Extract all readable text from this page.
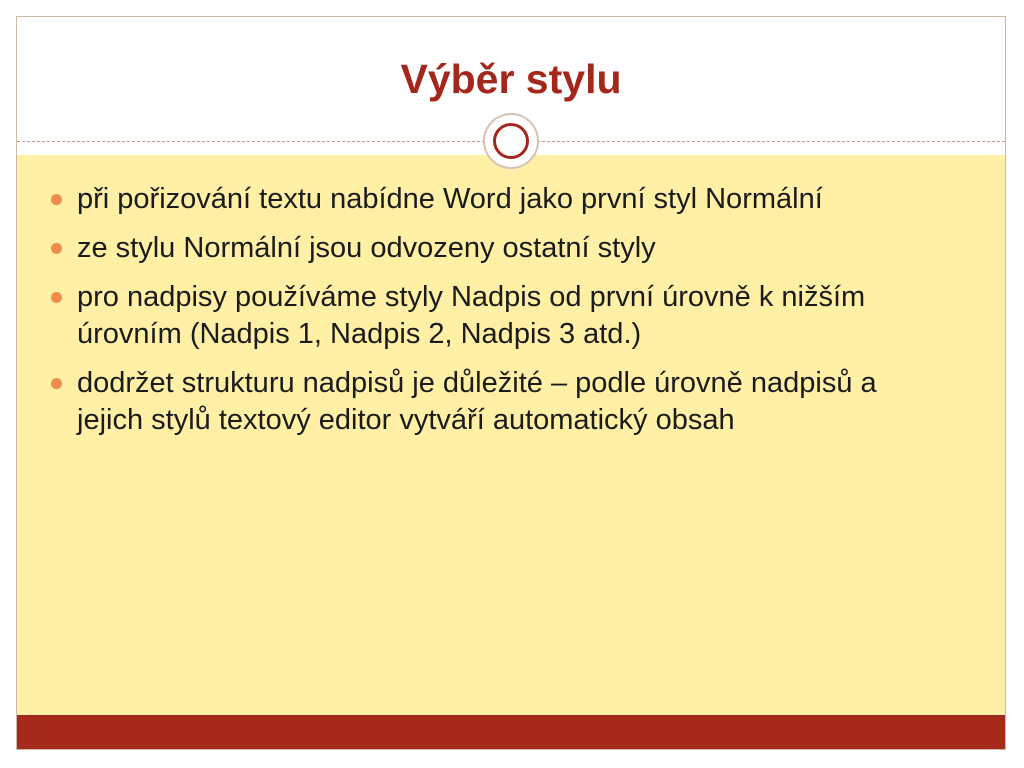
Výběr stylu
při pořizování textu nabídne Word jako první styl Normální
ze stylu Normální jsou odvozeny ostatní styly
pro nadpisy používáme styly Nadpis od první úrovně k nižším úrovním (Nadpis 1, Nadpis 2, Nadpis 3 atd.)
dodržet strukturu nadpisů je důležité – podle úrovně nadpisů a jejich stylů textový editor vytváří automatický obsah
